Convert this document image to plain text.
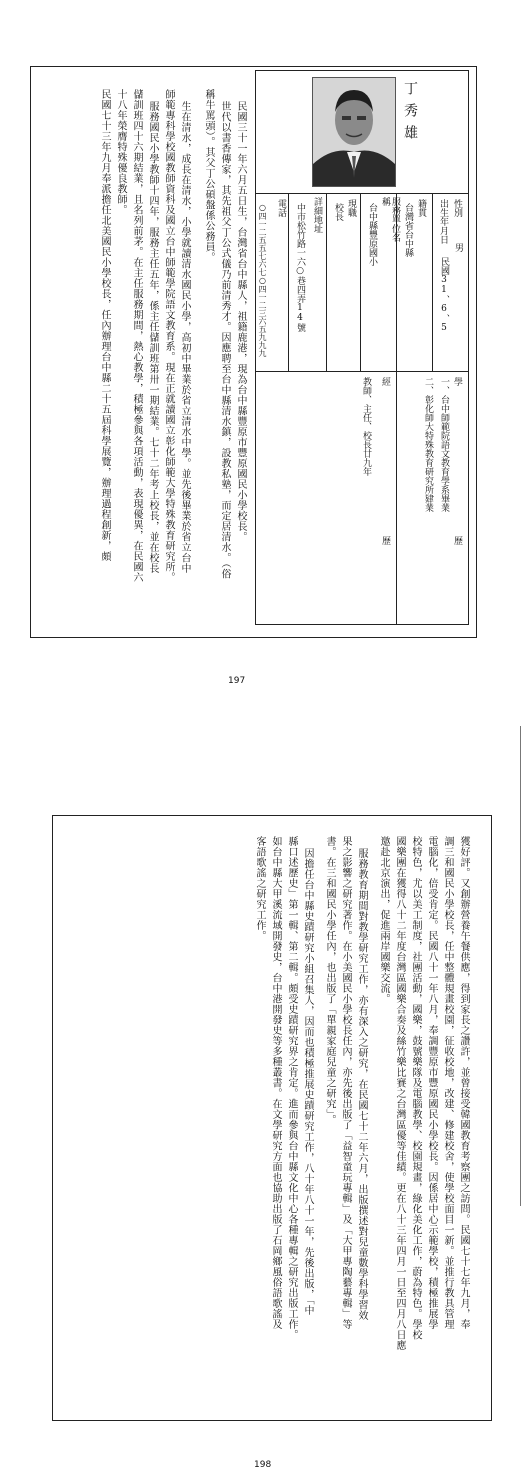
丁秀雄
性別
男
出生年月日
民國31、6、5
籍貫
台灣省台中縣
服務單位名稱
台中縣豐原國小
現職
校長
詳細地址
中市松竹路一六○巷四弄14號
電話
○四一二五五七六七○四一二三六五九九九
學歷
一、台中師範院語文教育學系畢業
二、彰化師大特殊教育研究所肄業
經歷
教師、主任、校長廿九年
民國三十一年六月五日生，台灣省台中縣人，祖籍鹿港，現為台中縣豐原市豐原國民小學校長。
世代以書香傳家，其先祖父丁公式儀乃前清秀才。因應聘至台中縣清水鎮，設教私塾，而定居清水。（俗
稱牛罵頭）。其父丁公碩盤係公務員。
生在清水，成長在清水，小學就讀清水國民小學，高初中畢業於省立清水中學。並先後畢業於省立台中
師範專科學校國教師資科及國立台中師範學院語文教育系。現在正就讀國立彰化師範大學特殊教育研究所。
服務國民小學教師十四年，服務主任五年，係主任儲訓班第卅一期結業。七十二年考上校長，並在校長
儲訓班四十六期結業，且名列前茅。在主任服務期間，熱心教學，積極參與各項活動，表現優異，在民國六
十八年榮膺特殊優良教師。
民國七十三年九月奉派擔任北美國民小學校長，任內辦理台中縣二十五屆科學展覽，辦理過程創新，頗
197
獲好評。又創辦營養午餐供應，得到家長之讚許，並曾接受韓國教育考察團之訪問。民國七十七年九月，奉
調三和國民小學校長，任中整體規畫校園，征收校地，改建、修建校舍，使學校面目一新。並推行教具管理
電腦化，倍受肯定。民國八十一年八月，奉調豐原市豐原國民小學校長。因係居中心示範學校，積極推展學
校特色，尤以美工制度，社團活動，國樂，鼓號樂隊及電腦教學、校園規畫，綠化美化工作，蔚為特色。學校
國樂團在獲得八十二年度台灣區國樂合奏及絲竹樂比賽之台灣區優等佳績。更在八十三年四月一日至四月八日應
邀赴北京演出，促進兩岸國樂交流。
服務教育期間對教學研究工作，亦有深入之研究，在民國七十二年六月，出版撰述對兒童數學科學習效
果之影響之研究著作。在小美國民小學校長任內，亦先後出版了「益智童玩專輯」及「大甲專陶藝專輯」等
書。在三和國民小學任內，也出版了「單親家庭兒童之研究」。
因擔任台中縣史蹟研究小組召集人，因而也積極推展史蹟研究工作，八十年八十一年，先後出版，「中
縣口述歷史」第一輯、第二輯。頗受史蹟研究界之肯定。進而參與台中縣文化中心各種專輯之研究出版工作。
如台中縣大甲溪流域開發史，台中港開發史等多種叢書。在文學研究方面也協助出版了石岡鄉風俗語歌謠及
客語歌謠之研究工作。
198
